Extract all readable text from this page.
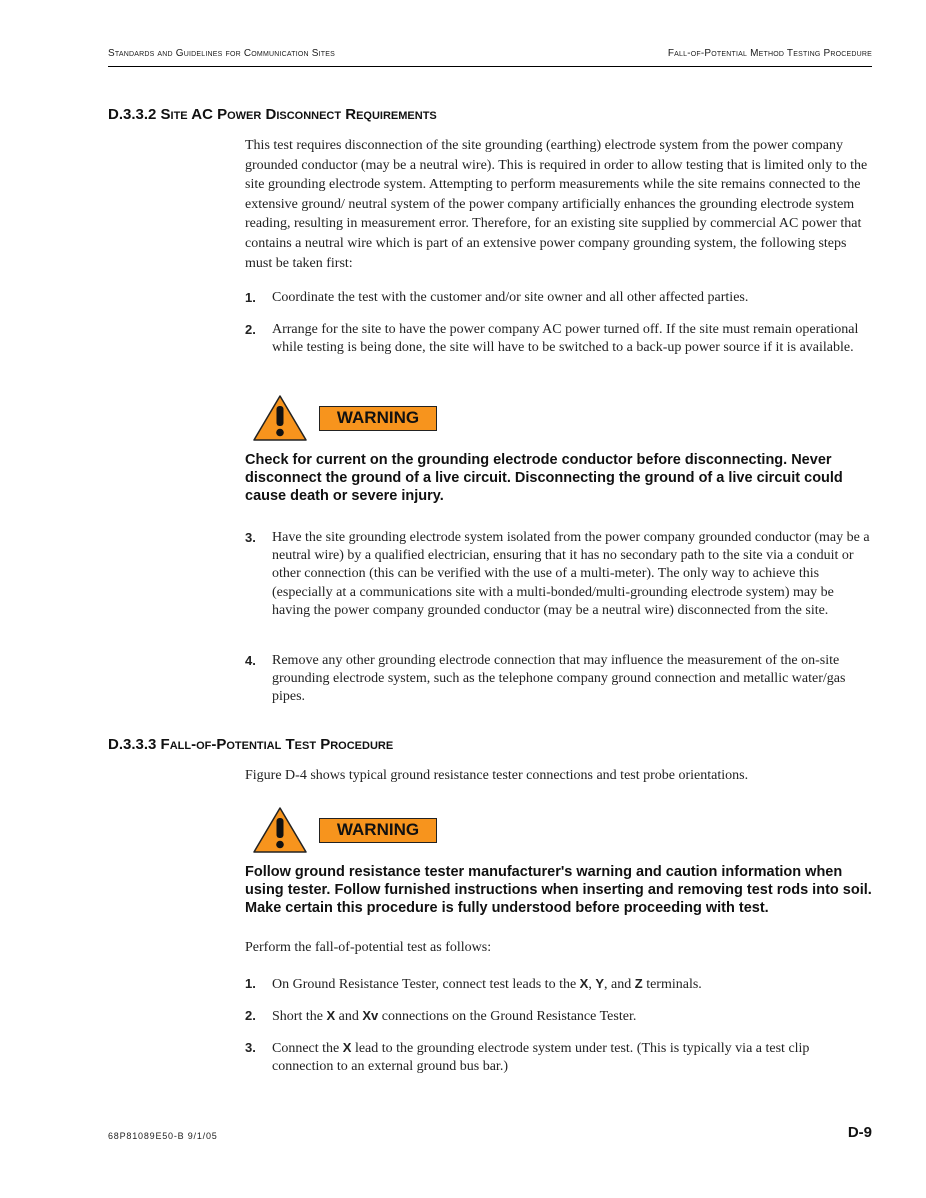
Standards and Guidelines for Communication Sites	Fall-of-Potential Method Testing Procedure
D.3.3.2 Site AC Power Disconnect Requirements

This test requires disconnection of the site grounding (earthing) electrode system from the power company grounded conductor (may be a neutral wire). This is required in order to allow testing that is limited only to the site grounding electrode system. Attempting to perform measurements while the site remains connected to the extensive ground/ neutral system of the power company artificially enhances the grounding electrode system reading, resulting in measurement error. Therefore, for an existing site supplied by commercial AC power that contains a neutral wire which is part of an extensive power company grounding system, the following steps must be taken first:

1. Coordinate the test with the customer and/or site owner and all other affected parties.
2. Arrange for the site to have the power company AC power turned off. If the site must remain operational while testing is being done, the site will have to be switched to a back-up power source if it is available.
WARNING

Check for current on the grounding electrode conductor before disconnecting. Never disconnect the ground of a live circuit. Disconnecting the ground of a live circuit could cause death or severe injury.

3. Have the site grounding electrode system isolated from the power company grounded conductor (may be a neutral wire) by a qualified electrician, ensuring that it has no secondary path to the site via a conduit or other connection (this can be verified with the use of a multi-meter). The only way to achieve this (especially at a communications site with a multi-bonded/multi-grounding electrode system) may be having the power company grounded conductor (may be a neutral wire) disconnected from the site.
4. Remove any other grounding electrode connection that may influence the measurement of the on-site grounding electrode system, such as the telephone company ground connection and metallic water/gas pipes.
D.3.3.3 Fall-of-Potential Test Procedure

Figure D-4 shows typical ground resistance tester connections and test probe orientations.

WARNING

Follow ground resistance tester manufacturer's warning and caution information when using tester. Follow furnished instructions when inserting and removing test rods into soil. Make certain this procedure is fully understood before proceeding with test.

Perform the fall-of-potential test as follows:

1. On Ground Resistance Tester, connect test leads to the X, Y, and Z terminals.
2. Short the X and Xv connections on the Ground Resistance Tester.
3. Connect the X lead to the grounding electrode system under test. (This is typically via a test clip connection to an external ground bus bar.)
68P81089E50-B 9/1/05	D-9
